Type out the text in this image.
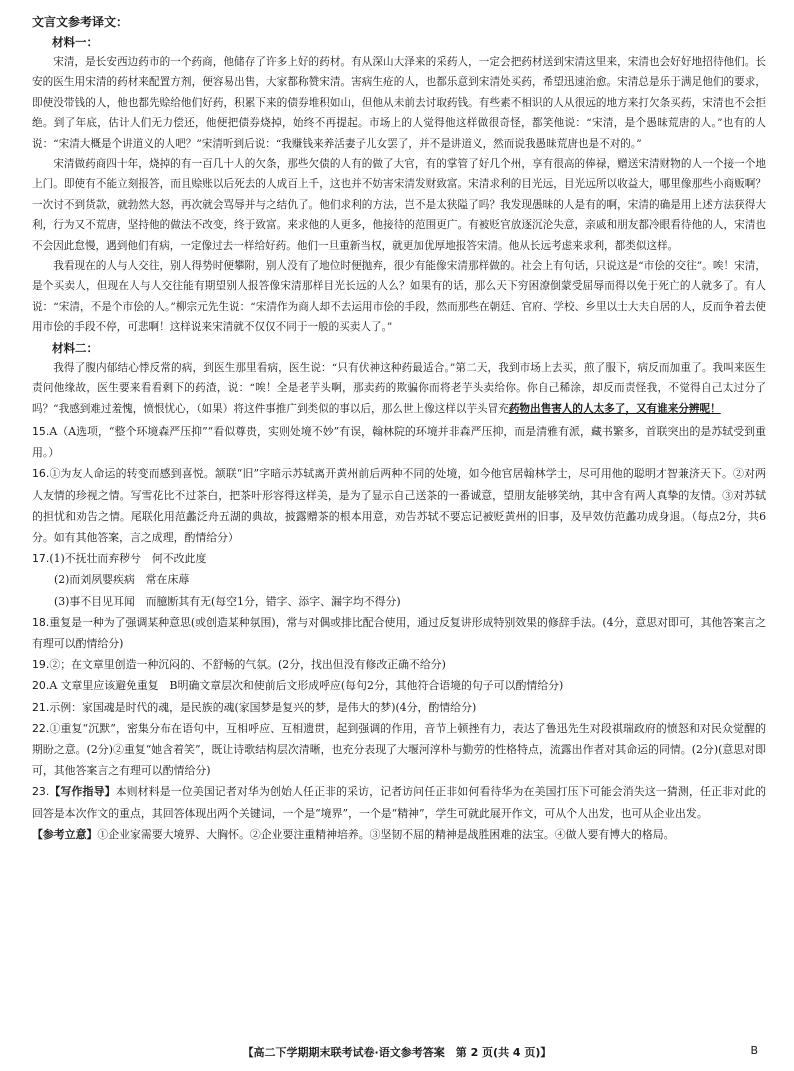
文言文参考译文：
材料一：

宋清，是长安西边药市的一个药商，他储存了许多上好的药材。有从深山大泽来的采药人，一定会把药材送到宋清这里来，宋清也会好好地招待他们。长安的医生用宋清的药材来配置方剂，便容易出售，大家都称赞宋清。害病生疮的人，也都乐意到宋清处买药，希望迅速治愈。宋清总是乐于满足他们的要求，即使没带钱的人，他也都先赊给他们好药，积累下来的债券堆积如山，但他从未前去讨取药钱。有些素不相识的人从很远的地方来打欠条买药，宋清也不会拒绝。到了年底，估计人们无力偿还，他便把债券烧掉，始终不再提起。市场上的人觉得他这样做很奇怪，都笑他说：“宋清，是个愚昧荒唐的人。”也有的人说：“宋清大概是个讲道义的人吧？”宋清听到后说：“我赚钱来养活妻子儿女罢了，并不是讲道义，然而说我愚昧荒唐也是不对的。”

宋清做药商四十年，烧掉的有一百几十人的欠条，那些欠债的人有的做了大官，有的掌管了好几个州，享有很高的俸禄，赠送宋清财物的人一个接一个地上门。即使有不能立刻报答，而且赊账以后死去的人成百上千，这也并不妨害宋清发财致富。宋清求利的目光远，目光远所以收益大，哪里像那些小商贩啊？一次讨不到货款，就勃然大怒，再次就会骂辱并与之结仇了。他们求利的方法，岂不是太狭隘了吗？我发现愚昧的人是有的啊，宋清的确是用上述方法获得大利，行为又不荒唐，坚持他的做法不改变，终于致富。来求他的人更多，他接待的范围更广。有被贬官放逐沉沦失意，亲戚和朋友都冷眼看待他的人，宋清也不会因此怠慢，遇到他们有病，一定像过去一样给好药。他们一旦重新当权，就更加优厚地报答宋清。他从长远考虑来求利，都类似这样。

我看现在的人与人交往，别人得势时便攀附，别人没有了地位时便抛弃，很少有能像宋清那样做的。社会上有句话，只说这是“市侩的交往”。唉！宋清，是个买卖人，但现在人与人交往能有期望别人报答像宋清那样目光长远的人么？如果有的话，那么天下穷困潦倒蒙受屈辱而得以免于死亡的人就多了。有人说：“宋清，不是个市侩的人。”柳宗元先生说：“宋清作为商人却不去运用市侩的手段，然而那些在朝廷、官府、学校、乡里以士大夫自居的人，反而争着去使用市侩的手段不停，可悲啊！这样说来宋清就不仅仅不同于一般的买卖人了。”

材料二：

我得了腹内郁结心悸反常的病，到医生那里看病，医生说：“只有伏神这种药最适合。”第二天，我到市场上去买，煎了服下，病反而加重了。我叫来医生责问他缘故，医生要来看看剩下的药渣，说：“唉！全是老芋头啊，那卖药的欺骗你而将老芋头卖给你。你自己稀涂，却反而责怪我，不觉得自己太过分了吗？”我感到难过羞愧，愤恨忧心，（如果）将这件事推广到类似的事以后，那么世上像这样以芋头冒充药物出售害人的人太多了，又有谁来分辨呢！

15.A（A选项，“整个环境森严压抑”“看似尊贵，实则处境不妙”有误，翰林院的环境并非森严压抑，而是清雅有派，藏书繁多，首联突出的是苏轼受到重用。）
16.①为友人命运的转变而感到喜悦。颔联“旧”字暗示苏轼离开黄州前后两种不同的处境，如今他官居翰林学士，尽可用他的聪明才智兼济天下。②对两人友情的珍视之情。写雪花比不过茶白，把茶叶形容得这样美，是为了显示自己送茶的一番诚意，望朋友能够笑纳，其中含有两人真挚的友情。③对苏轼的担忧和劝告之情。尾联化用范蠡泛舟五湖的典故，披露赠茶的根本用意，劝告苏轼不要忘记被贬黄州的旧事，及早效仿范蠡功成身退。（每点2分，共6分。如有其他答案，言之成理，酌情给分）
17.(1)不抚壮而弃秽兮　何不改此度
(2)而刘夙婴疾病　常在床蓐
(3)事不目见耳闻　而臆断其有无(每空1分，错字、添字、漏字均不得分)
18.重复是一种为了强调某种意思(或创造某种氛围)，常与对偶或排比配合使用，通过反复讲形成特别效果的修辞手法。(4分，意思对即可，其他答案言之有理可以酌情给分)
19.②；在文章里创造一种沉闷的、不舒畅的气氛。(2分，找出但没有修改正确不给分)
20.A 文章里应该避免重复　B明确文章层次和使前后文形成呼应(每句2分，其他符合语境的句子可以酌情给分)
21.示例：家国魂是时代的魂，是民族的魂(家国梦是复兴的梦，是伟大的梦)(4分，酌情给分)
22.①重复“沉默”，密集分布在语句中，互相呼应、互相遗贯，起到强调的作用，音节上顿挫有力，表达了鲁迅先生对段祺瑞政府的愤怒和对民众觉醒的期盼之意。(2分)②重复“她含着笑”，既让诗歌结构层次清晰，也充分表现了大堰河淳朴与勤劳的性格特点，流露出作者对其命运的同情。(2分)(意思对即可，其他答案言之有理可以酌情给分)
23.【写作指导】本则材料是一位美国记者对华为创始人任正非的采访，记者访问任正非如何看待华为在美国打压下可能会消失这一猜测，任正非对此的回答是本次作文的重点，其回答体现出两个关键词，一个是“境界”，一个是“精神”，学生可就此展开作文，可从个人出发，也可从企业出发。
【参考立意】①企业家需要大境界、大胸怀。②企业要注重精神培养。③坚韧不屈的精神是战胜困难的法宝。④做人要有博大的格局。
【高二下学期期末联考试卷·语文参考答案　第 2 页(共 4 页)】	B
